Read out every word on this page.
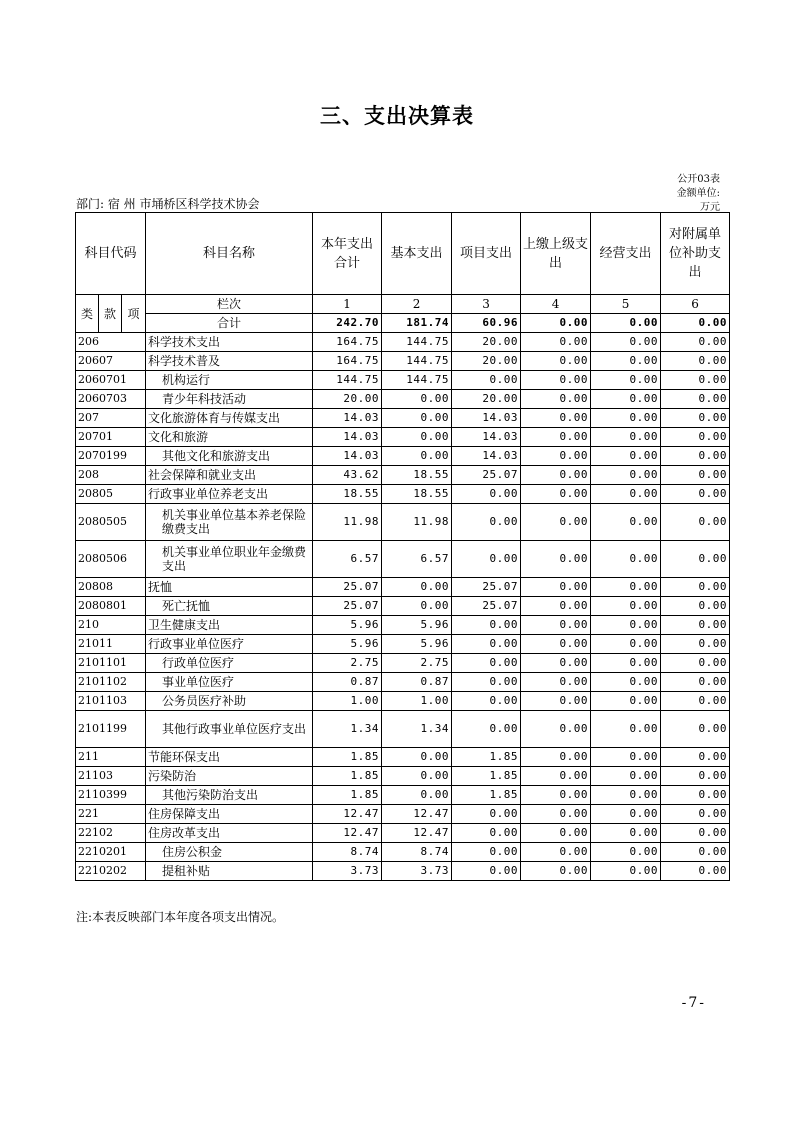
三、支出决算表
公开03表
金额单位:
万元
部门: 宿 州 市埇桥区科学技术协会
科目代码			科目名称	本年支出合计	基本支出	项目支出	上缴上级支出	经营支出	对附属单位补助支出
类	款	项	栏次	1	2	3	4	5	6
			合计	242.70	181.74	60.96	0.00	0.00	0.00
206			科学技术支出	164.75	144.75	20.00	0.00	0.00	0.00
20607			科学技术普及	164.75	144.75	20.00	0.00	0.00	0.00
2060701			机构运行	144.75	144.75	0.00	0.00	0.00	0.00
2060703			青少年科技活动	20.00	0.00	20.00	0.00	0.00	0.00
207			文化旅游体育与传媒支出	14.03	0.00	14.03	0.00	0.00	0.00
20701			文化和旅游	14.03	0.00	14.03	0.00	0.00	0.00
2070199			其他文化和旅游支出	14.03	0.00	14.03	0.00	0.00	0.00
208			社会保障和就业支出	43.62	18.55	25.07	0.00	0.00	0.00
20805			行政事业单位养老支出	18.55	18.55	0.00	0.00	0.00	0.00
2080505			机关事业单位基本养老保险缴费支出	11.98	11.98	0.00	0.00	0.00	0.00
2080506			机关事业单位职业年金缴费支出	6.57	6.57	0.00	0.00	0.00	0.00
20808			抚恤	25.07	0.00	25.07	0.00	0.00	0.00
2080801			死亡抚恤	25.07	0.00	25.07	0.00	0.00	0.00
210			卫生健康支出	5.96	5.96	0.00	0.00	0.00	0.00
21011			行政事业单位医疗	5.96	5.96	0.00	0.00	0.00	0.00
2101101			行政单位医疗	2.75	2.75	0.00	0.00	0.00	0.00
2101102			事业单位医疗	0.87	0.87	0.00	0.00	0.00	0.00
2101103			公务员医疗补助	1.00	1.00	0.00	0.00	0.00	0.00
2101199			其他行政事业单位医疗支出	1.34	1.34	0.00	0.00	0.00	0.00
211			节能环保支出	1.85	0.00	1.85	0.00	0.00	0.00
21103			污染防治	1.85	0.00	1.85	0.00	0.00	0.00
2110399			其他污染防治支出	1.85	0.00	1.85	0.00	0.00	0.00
221			住房保障支出	12.47	12.47	0.00	0.00	0.00	0.00
22102			住房改革支出	12.47	12.47	0.00	0.00	0.00	0.00
2210201			住房公积金	8.74	8.74	0.00	0.00	0.00	0.00
2210202			提租补贴	3.73	3.73	0.00	0.00	0.00	0.00
注:本表反映部门本年度各项支出情况。
-7-
